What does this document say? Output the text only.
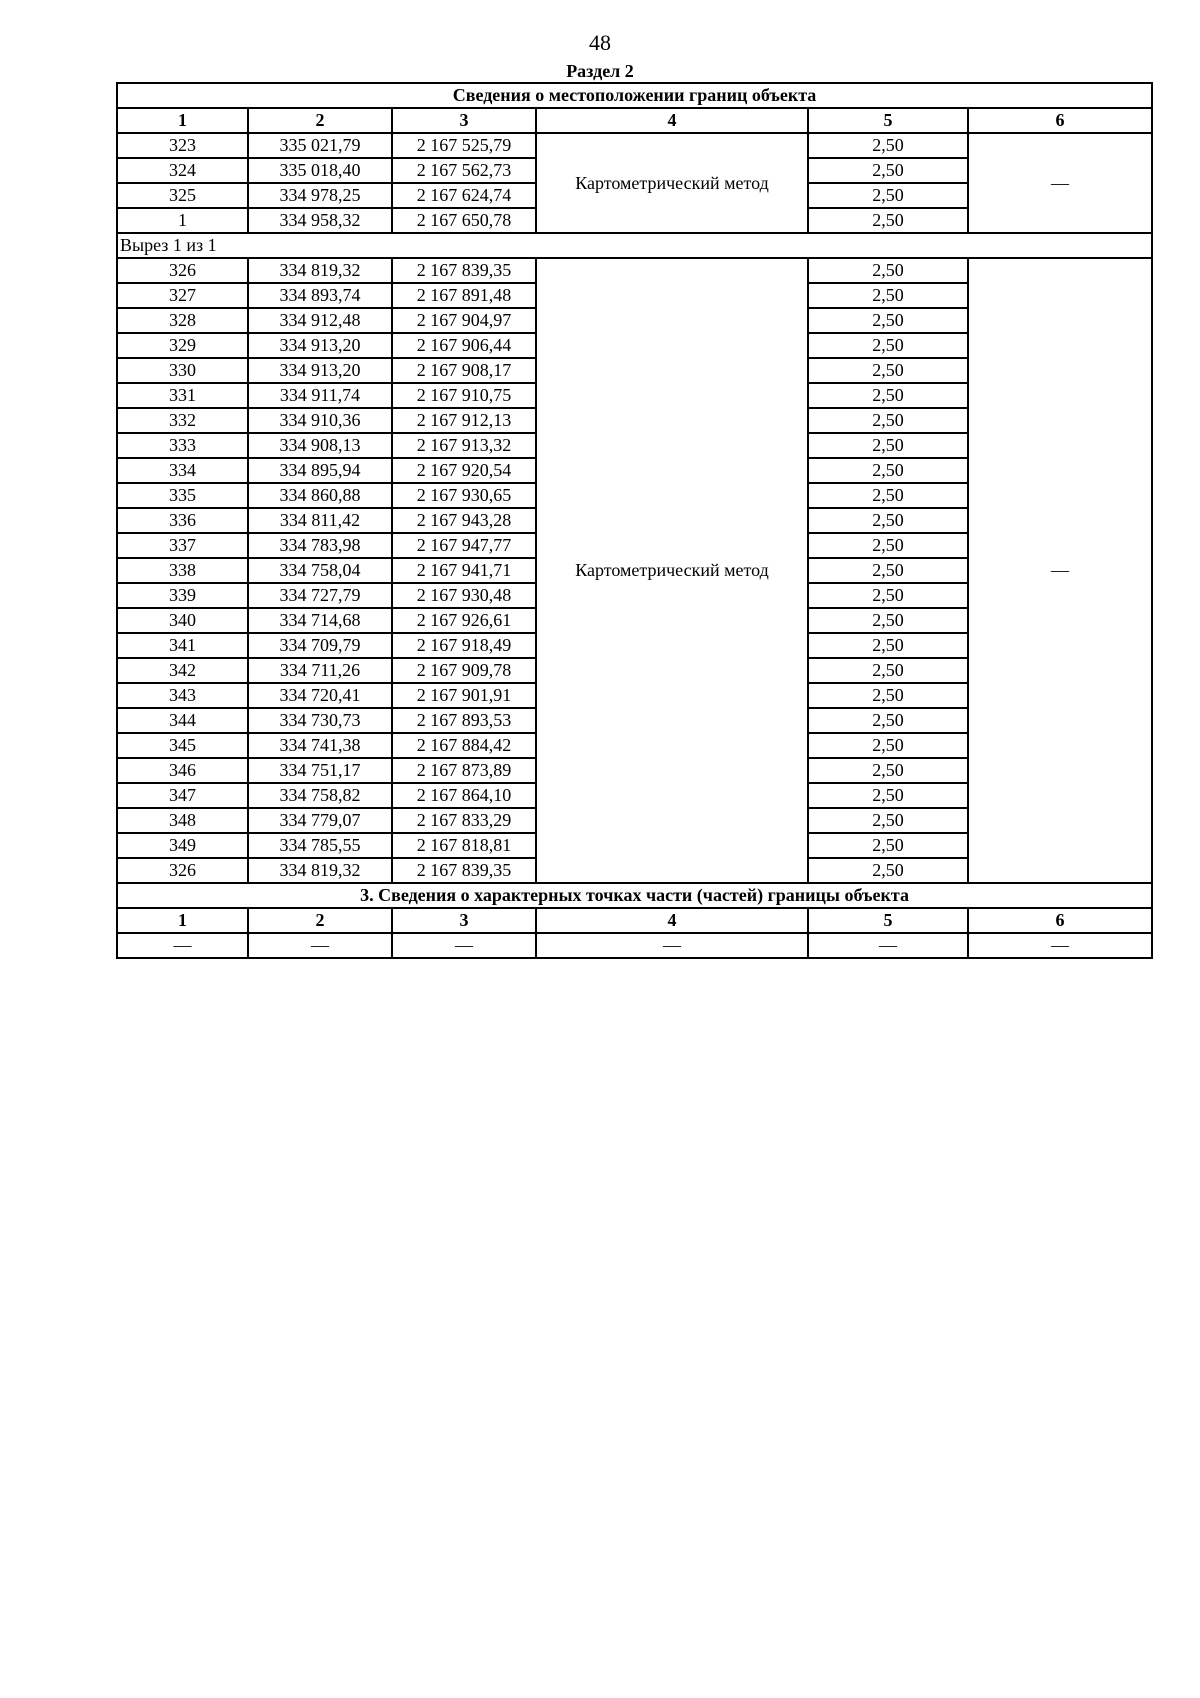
48
Раздел 2
Сведения о местоположении границ объекта					
1	2	3	4	5	6
323	335 021,79	2 167 525,79	Картометрический метод	2,50	—
324	335 018,40	2 167 562,73		2,50	
325	334 978,25	2 167 624,74		2,50	
1	334 958,32	2 167 650,78		2,50	
Вырез 1 из 1					
326	334 819,32	2 167 839,35	Картометрический метод	2,50	—
327	334 893,74	2 167 891,48		2,50	
328	334 912,48	2 167 904,97		2,50	
329	334 913,20	2 167 906,44		2,50	
330	334 913,20	2 167 908,17		2,50	
331	334 911,74	2 167 910,75		2,50	
332	334 910,36	2 167 912,13		2,50	
333	334 908,13	2 167 913,32		2,50	
334	334 895,94	2 167 920,54		2,50	
335	334 860,88	2 167 930,65		2,50	
336	334 811,42	2 167 943,28		2,50	
337	334 783,98	2 167 947,77		2,50	
338	334 758,04	2 167 941,71		2,50	
339	334 727,79	2 167 930,48		2,50	
340	334 714,68	2 167 926,61		2,50	
341	334 709,79	2 167 918,49		2,50	
342	334 711,26	2 167 909,78		2,50	
343	334 720,41	2 167 901,91		2,50	
344	334 730,73	2 167 893,53		2,50	
345	334 741,38	2 167 884,42		2,50	
346	334 751,17	2 167 873,89		2,50	
347	334 758,82	2 167 864,10		2,50	
348	334 779,07	2 167 833,29		2,50	
349	334 785,55	2 167 818,81		2,50	
326	334 819,32	2 167 839,35		2,50	
3. Сведения о характерных точках части (частей) границы объекта					
1	2	3	4	5	6
—	—	—	—	—	—
